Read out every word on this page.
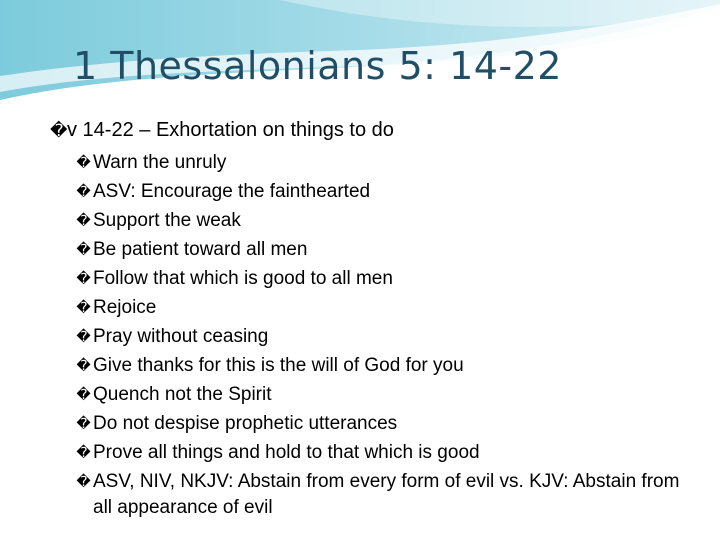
1 Thessalonians 5: 14-22
�v 14-22 – Exhortation on things to do
� Warn the unruly
� ASV: Encourage the fainthearted
� Support the weak
� Be patient toward all men
� Follow that which is good to all men
� Rejoice
� Pray without ceasing
� Give thanks for this is the will of God for you
� Quench not the Spirit
� Do not despise prophetic utterances
� Prove all things and hold to that which is good
� ASV, NIV, NKJV: Abstain from every form of evil vs. KJV: Abstain from all appearance of evil
